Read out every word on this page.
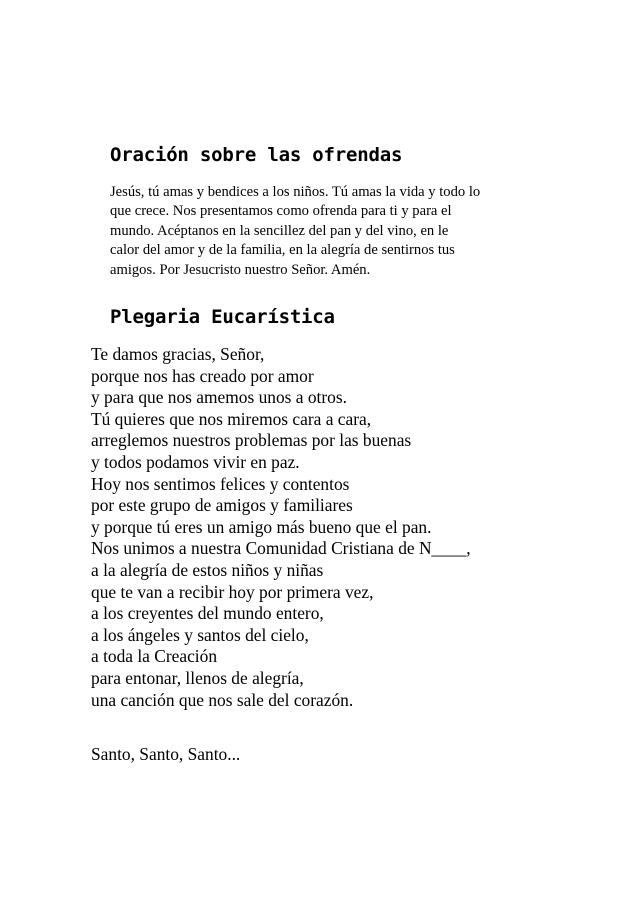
Oración sobre las ofrendas

Jesús, tú amas y bendices a los niños. Tú amas la vida y todo lo
que crece. Nos presentamos como ofrenda para ti y para el
mundo. Acéptanos en la sencillez del pan y del vino, en le
calor del amor y de la familia, en la alegría de sentirnos tus
amigos. Por Jesucristo nuestro Señor. Amén.

Plegaria Eucarística

Te damos gracias, Señor,
porque nos has creado por amor
y para que nos amemos unos a otros.
Tú quieres que nos miremos cara a cara,
arreglemos nuestros problemas por las buenas
y todos podamos vivir en paz.
Hoy nos sentimos felices y contentos
por este grupo de amigos y familiares
y porque tú eres un amigo más bueno que el pan.
Nos unimos a nuestra Comunidad Cristiana de N____,
a la alegría de estos niños y niñas
que te van a recibir hoy por primera vez,
a los creyentes del mundo entero,
a los ángeles y santos del cielo,
a toda la Creación
para entonar, llenos de alegría,
una canción que nos sale del corazón.

Santo, Santo, Santo...
